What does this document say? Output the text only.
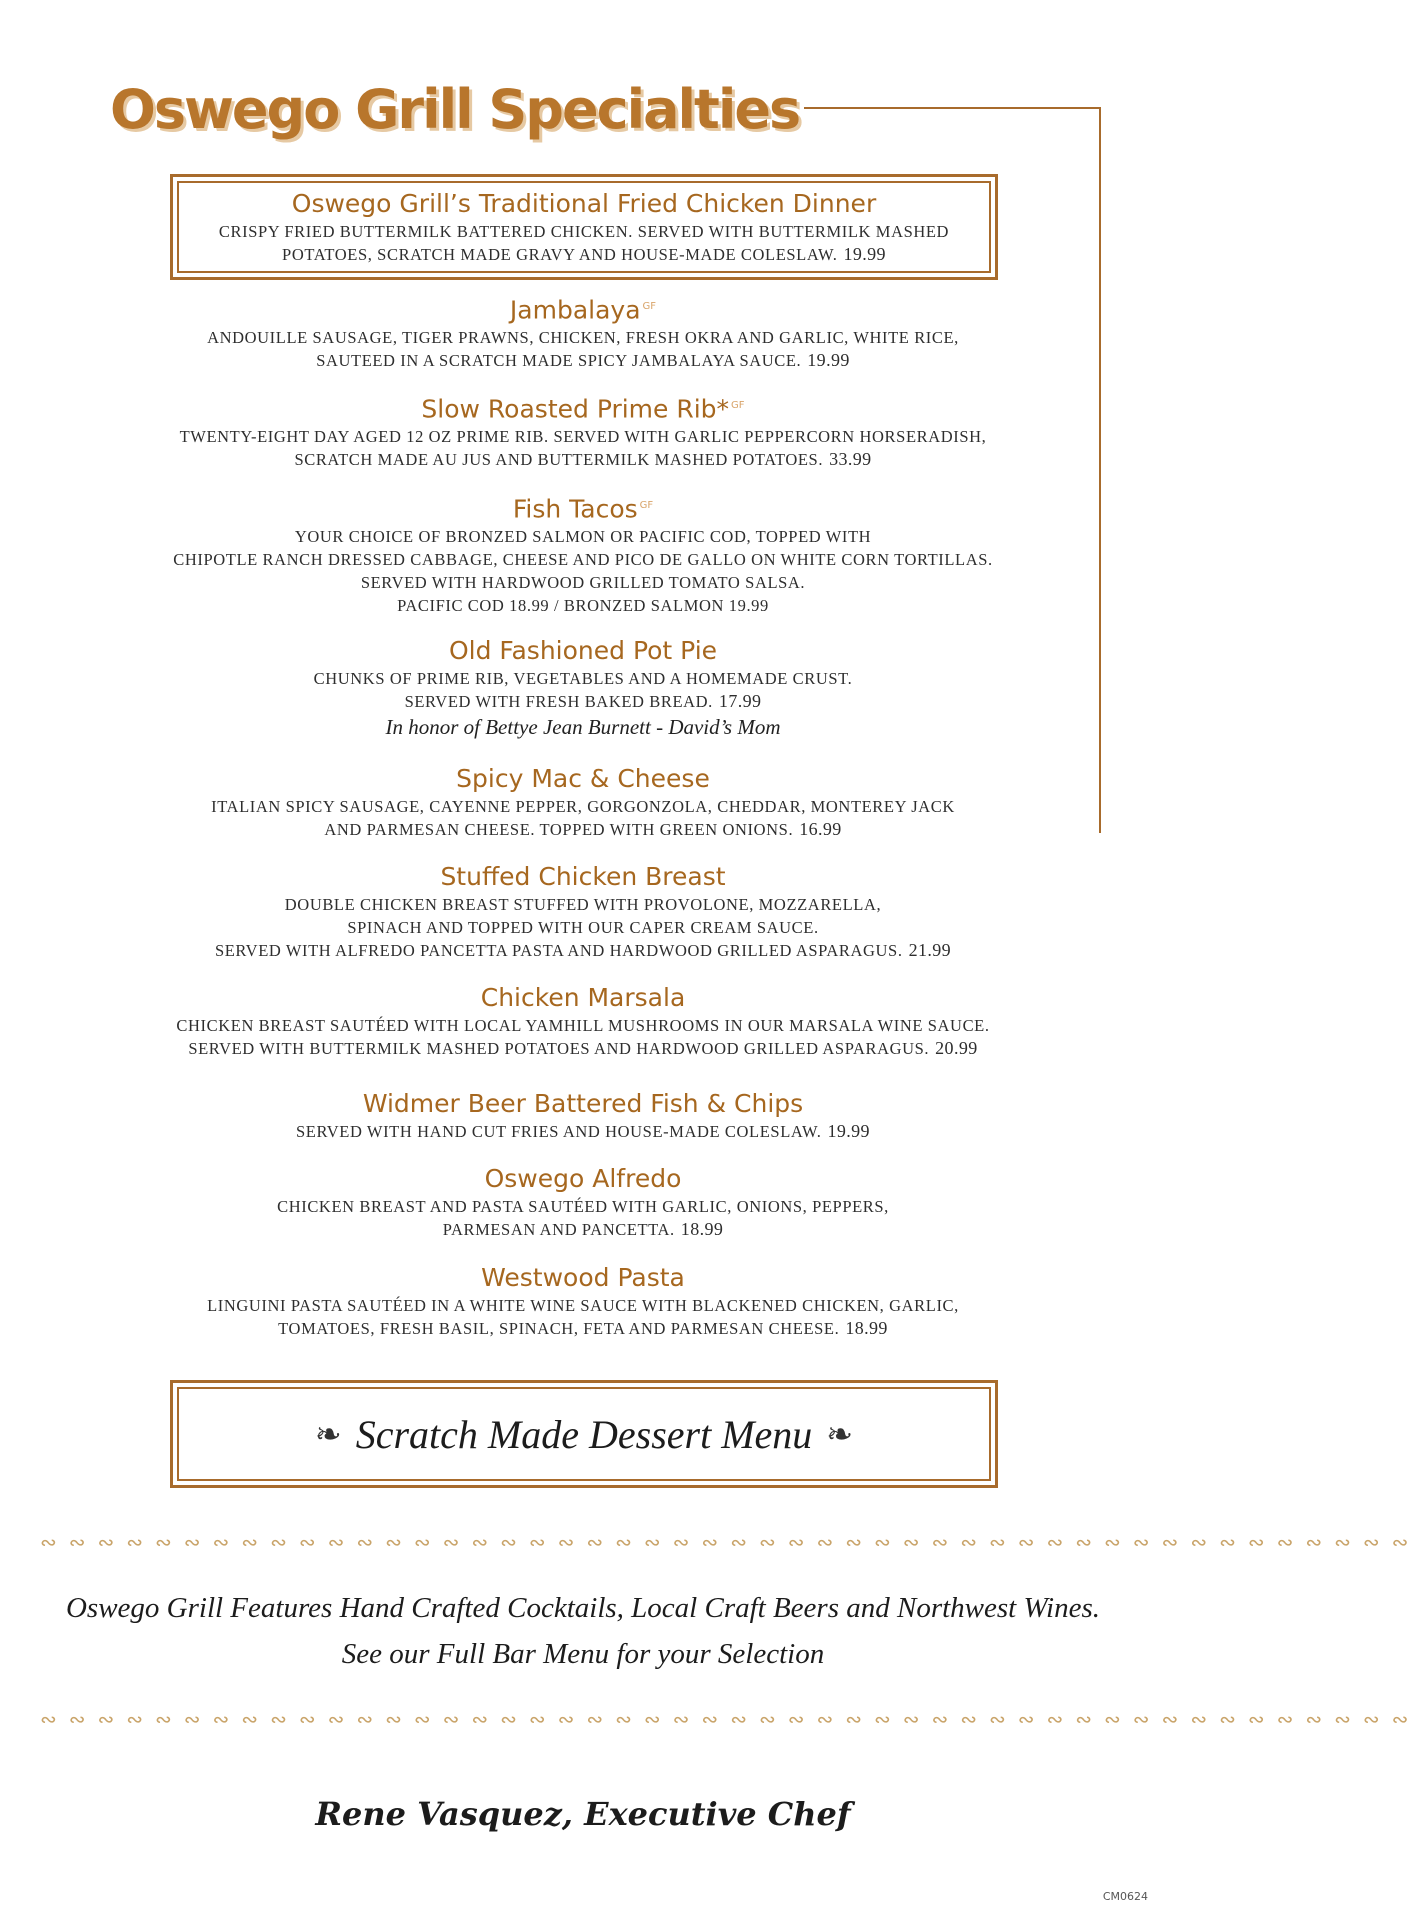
Oswego Grill Specialties
Oswego Grill’s Traditional Fried Chicken Dinner
CRISPY FRIED BUTTERMILK BATTERED CHICKEN. SERVED WITH BUTTERMILK MASHED
POTATOES, SCRATCH MADE GRAVY AND HOUSE-MADE COLESLAW. 19.99
Jambalaya $^{GF}$
ANDOUILLE SAUSAGE, TIGER PRAWNS, CHICKEN, FRESH OKRA AND GARLIC, WHITE RICE,
SAUTEED IN A SCRATCH MADE SPICY JAMBALAYA SAUCE. 19.99
Slow Roasted Prime Rib* $^{GF}$
TWENTY-EIGHT DAY AGED 12 OZ PRIME RIB. SERVED WITH GARLIC PEPPERCORN HORSERADISH,
SCRATCH MADE AU JUS AND BUTTERMILK MASHED POTATOES. 33.99
Fish Tacos $^{GF}$
YOUR CHOICE OF BRONZED SALMON OR PACIFIC COD, TOPPED WITH
CHIPOTLE RANCH DRESSED CABBAGE, CHEESE AND PICO DE GALLO ON WHITE CORN TORTILLAS.
SERVED WITH HARDWOOD GRILLED TOMATO SALSA.
PACIFIC COD 18.99 / BRONZED SALMON 19.99
Old Fashioned Pot Pie
CHUNKS OF PRIME RIB, VEGETABLES AND A HOMEMADE CRUST.
SERVED WITH FRESH BAKED BREAD. 17.99
In honor of Bettye Jean Burnett - David’s Mom
Spicy Mac & Cheese
ITALIAN SPICY SAUSAGE, CAYENNE PEPPER, GORGONZOLA, CHEDDAR, MONTEREY JACK
AND PARMESAN CHEESE. TOPPED WITH GREEN ONIONS. 16.99
Stuffed Chicken Breast
DOUBLE CHICKEN BREAST STUFFED WITH PROVOLONE, MOZZARELLA,
SPINACH AND TOPPED WITH OUR CAPER CREAM SAUCE.
SERVED WITH ALFREDO PANCETTA PASTA AND HARDWOOD GRILLED ASPARAGUS. 21.99
Chicken Marsala
CHICKEN BREAST SAUTÉED WITH LOCAL YAMHILL MUSHROOMS IN OUR MARSALA WINE SAUCE.
SERVED WITH BUTTERMILK MASHED POTATOES AND HARDWOOD GRILLED ASPARAGUS. 20.99
Widmer Beer Battered Fish & Chips
SERVED WITH HAND CUT FRIES AND HOUSE-MADE COLESLAW. 19.99
Oswego Alfredo
CHICKEN BREAST AND PASTA SAUTÉED WITH GARLIC, ONIONS, PEPPERS,
PARMESAN AND PANCETTA. 18.99
Westwood Pasta
LINGUINI PASTA SAUTÉED IN A WHITE WINE SAUCE WITH BLACKENED CHICKEN, GARLIC,
TOMATOES, FRESH BASIL, SPINACH, FETA AND PARMESAN CHEESE. 18.99
❧ Scratch Made Dessert Menu ❧
∾∾∾∾∾∾∾∾∾∾∾∾∾∾∾∾∾∾∾∾∾∾∾∾∾∾∾∾∾∾∾∾∾∾∾∾∾∾∾∾∾∾∾∾∾∾∾∾
Oswego Grill Features Hand Crafted Cocktails, Local Craft Beers and Northwest Wines.
See our Full Bar Menu for your Selection
∾∾∾∾∾∾∾∾∾∾∾∾∾∾∾∾∾∾∾∾∾∾∾∾∾∾∾∾∾∾∾∾∾∾∾∾∾∾∾∾∾∾∾∾∾∾∾∾
Rene Vasquez, Executive Chef
CM0624
